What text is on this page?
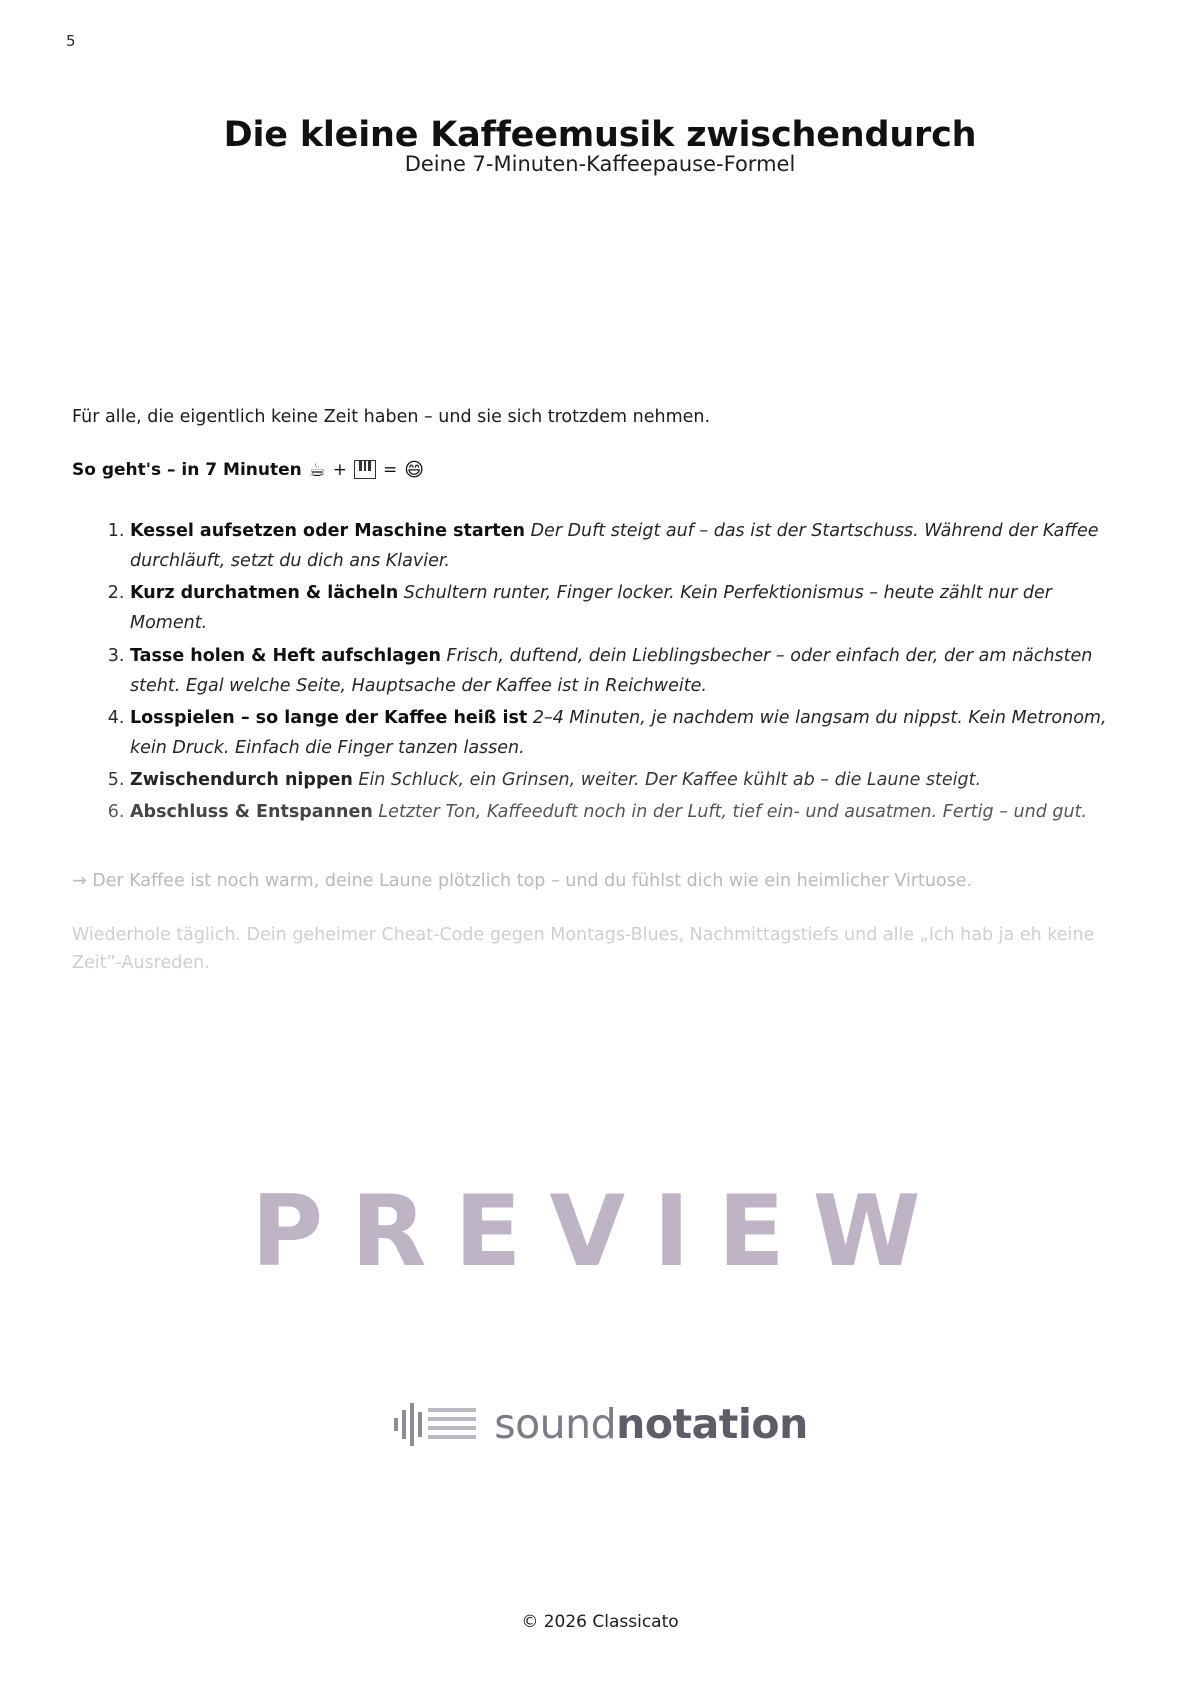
5
Die kleine Kaffeemusik zwischendurch
Deine 7-Minuten-Kaffeepause-Formel

Für alle, die eigentlich keine Zeit haben – und sie sich trotzdem nehmen.

So geht's – in 7 Minuten ☕ + = 😄
1. Kessel aufsetzen oder Maschine starten Der Duft steigt auf – das ist der Startschuss. Während der Kaffee durchläuft, setzt du dich ans Klavier.
2. Kurz durchatmen & lächeln Schultern runter, Finger locker. Kein Perfektionismus – heute zählt nur der Moment.
3. Tasse holen & Heft aufschlagen Frisch, duftend, dein Lieblingsbecher – oder einfach der, der am nächsten steht. Egal welche Seite, Hauptsache der Kaffee ist in Reichweite.
4. Losspielen – so lange der Kaffee heiß ist 2–4 Minuten, je nachdem wie langsam du nippst. Kein Metronom, kein Druck. Einfach die Finger tanzen lassen.
5. Zwischendurch nippen Ein Schluck, ein Grinsen, weiter. Der Kaffee kühlt ab – die Laune steigt.
6. Abschluss & Entspannen Letzter Ton, Kaffeeduft noch in der Luft, tief ein- und ausatmen. Fertig – und gut.

→ Der Kaffee ist noch warm, deine Laune plötzlich top – und du fühlst dich wie ein heimlicher Virtuose.

Wiederhole täglich. Dein geheimer Cheat-Code gegen Montags-Blues, Nachmittagstiefs und alle „Ich hab ja eh keine Zeit”-Ausreden.

PREVIEW
soundnotation
© 2026 Classicato
